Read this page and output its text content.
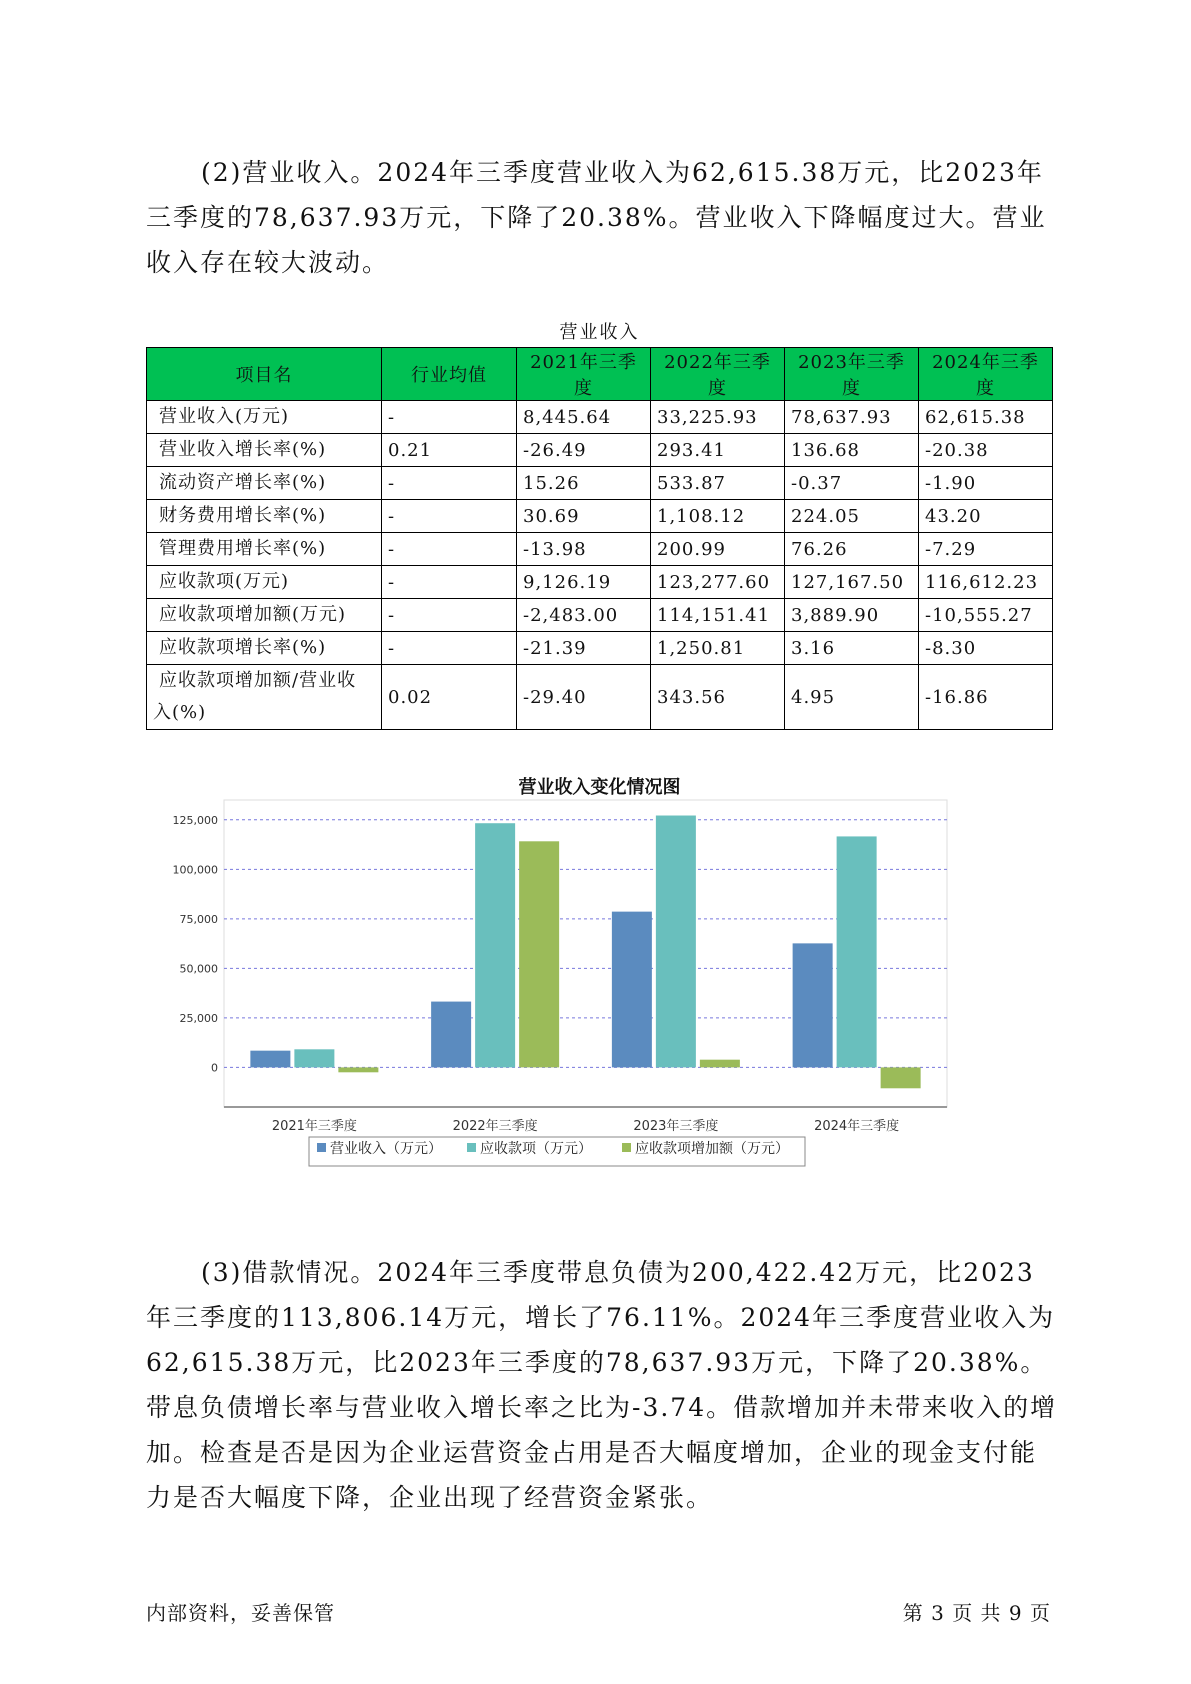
(2)营业收入。2024年三季度营业收入为62,615.38万元，比2023年三季度的78,637.93万元，下降了20.38%。营业收入下降幅度过大。营业收入存在较大波动。

营业收入
项目名	行业均值	2021年三季度	2022年三季度	2023年三季度	2024年三季度

营业收入(万元)	-	8,445.64	33,225.93	78,637.93	62,615.38

营业收入增长率(%)	0.21	-26.49	293.41	136.68	-20.38

流动资产增长率(%)	-	15.26	533.87	-0.37	-1.90

财务费用增长率(%)	-	30.69	1,108.12	224.05	43.20

管理费用增长率(%)	-	-13.98	200.99	76.26	-7.29

应收款项(万元)	-	9,126.19	123,277.60	127,167.50	116,612.23

应收款项增加额(万元)	-	-2,483.00	114,151.41	3,889.90	-10,555.27

应收款项增长率(%)	-	-21.39	1,250.81	3.16	-8.30

应收款项增加额/营业收入(%)	0.02	-29.40	343.56	4.95	-16.86
营业收入变化情况图
0
25,000
50,000
75,000
100,000
125,000
2021年三季度	2022年三季度	2023年三季度	2024年三季度
营业收入（万元）	应收款项（万元）	应收款项增加额（万元）

(3)借款情况。2024年三季度带息负债为200,422.42万元，比2023年三季度的113,806.14万元，增长了76.11%。2024年三季度营业收入为62,615.38万元，比2023年三季度的78,637.93万元，下降了20.38%。带息负债增长率与营业收入增长率之比为-3.74。借款增加并未带来收入的增加。检查是否是因为企业运营资金占用是否大幅度增加，企业的现金支付能力是否大幅度下降，企业出现了经营资金紧张。

内部资料，妥善保管	第 3 页 共 9 页
